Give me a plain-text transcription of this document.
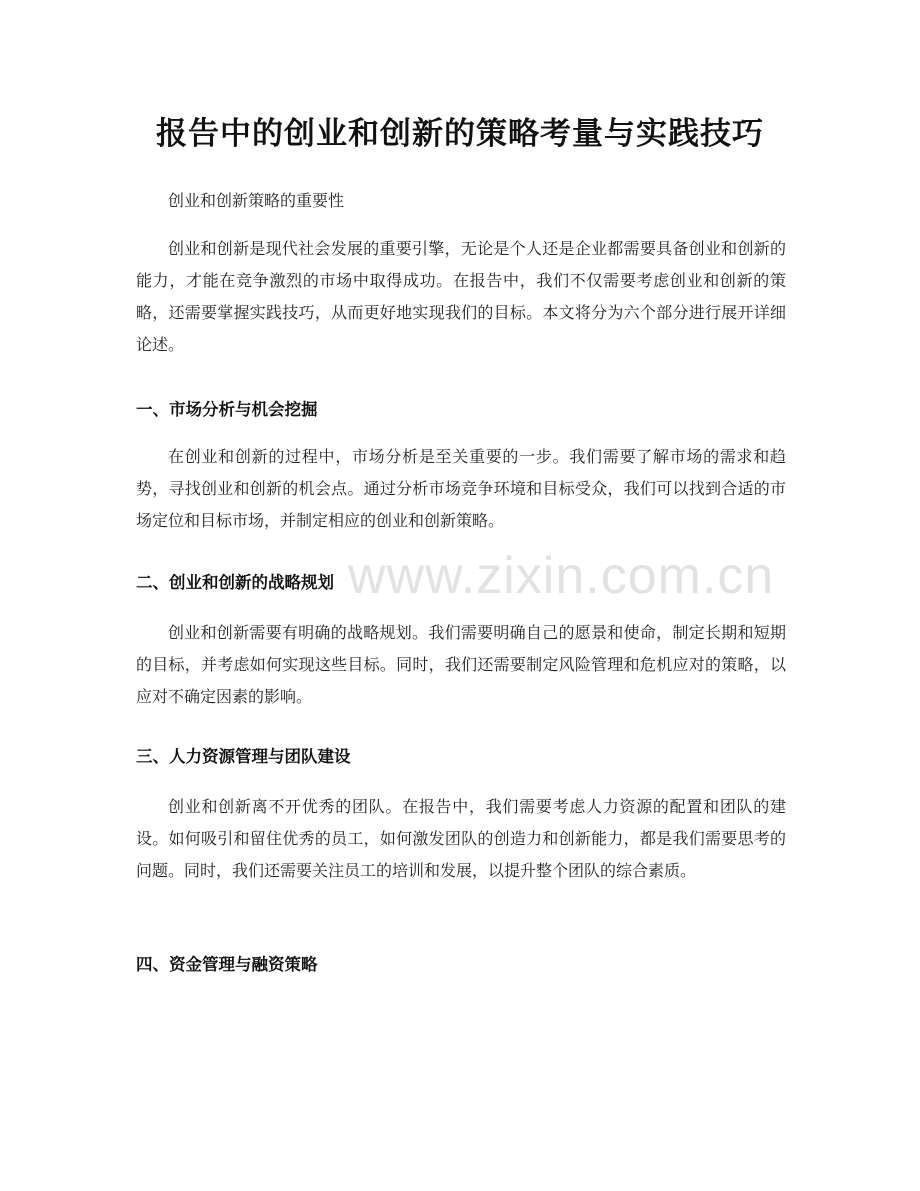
报告中的创业和创新的策略考量与实践技巧
创业和创新策略的重要性

创业和创新是现代社会发展的重要引擎，无论是个人还是企业都需要具备创业和创新的能力，才能在竞争激烈的市场中取得成功。在报告中，我们不仅需要考虑创业和创新的策略，还需要掌握实践技巧，从而更好地实现我们的目标。本文将分为六个部分进行展开详细论述。

一、市场分析与机会挖掘

在创业和创新的过程中，市场分析是至关重要的一步。我们需要了解市场的需求和趋势，寻找创业和创新的机会点。通过分析市场竞争环境和目标受众，我们可以找到合适的市场定位和目标市场，并制定相应的创业和创新策略。

二、创业和创新的战略规划

创业和创新需要有明确的战略规划。我们需要明确自己的愿景和使命，制定长期和短期的目标，并考虑如何实现这些目标。同时，我们还需要制定风险管理和危机应对的策略，以应对不确定因素的影响。

三、人力资源管理与团队建设

创业和创新离不开优秀的团队。在报告中，我们需要考虑人力资源的配置和团队的建设。如何吸引和留住优秀的员工，如何激发团队的创造力和创新能力，都是我们需要思考的问题。同时，我们还需要关注员工的培训和发展，以提升整个团队的综合素质。

四、资金管理与融资策略
www.zixin.com.cn
